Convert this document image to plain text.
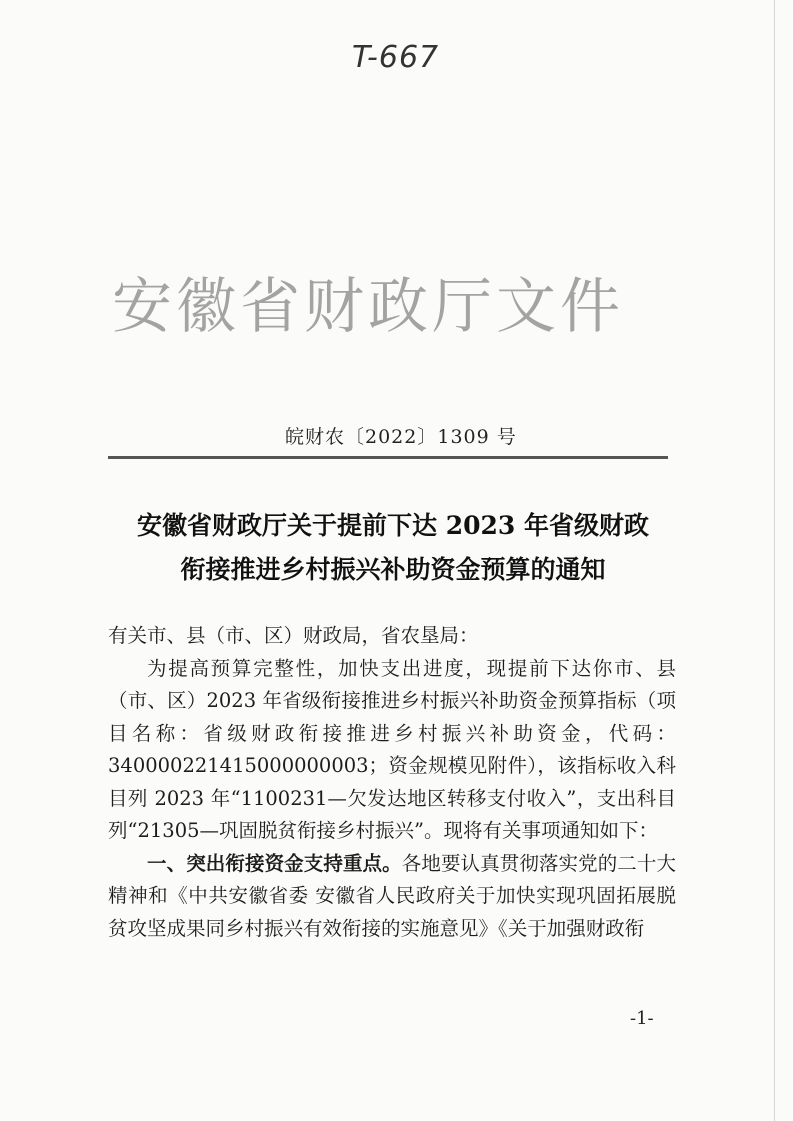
T-667
安徽省财政厅文件
皖财农〔2022〕1309 号
安徽省财政厅关于提前下达 2023 年省级财政
衔接推进乡村振兴补助资金预算的通知

有关市、县（市、区）财政局，省农垦局：

为提高预算完整性，加快支出进度，现提前下达你市、县（市、区）2023 年省级衔接推进乡村振兴补助资金预算指标（项目名称：省级财政衔接推进乡村振兴补助资金，代码：340000221415000000003；资金规模见附件），该指标收入科目列 2023 年“1100231—欠发达地区转移支付收入”，支出科目列“21305—巩固脱贫衔接乡村振兴”。现将有关事项通知如下：

一、突出衔接资金支持重点。各地要认真贯彻落实党的二十大精神和《中共安徽省委 安徽省人民政府关于加快实现巩固拓展脱贫攻坚成果同乡村振兴有效衔接的实施意见》《关于加强财政衔

-1-
